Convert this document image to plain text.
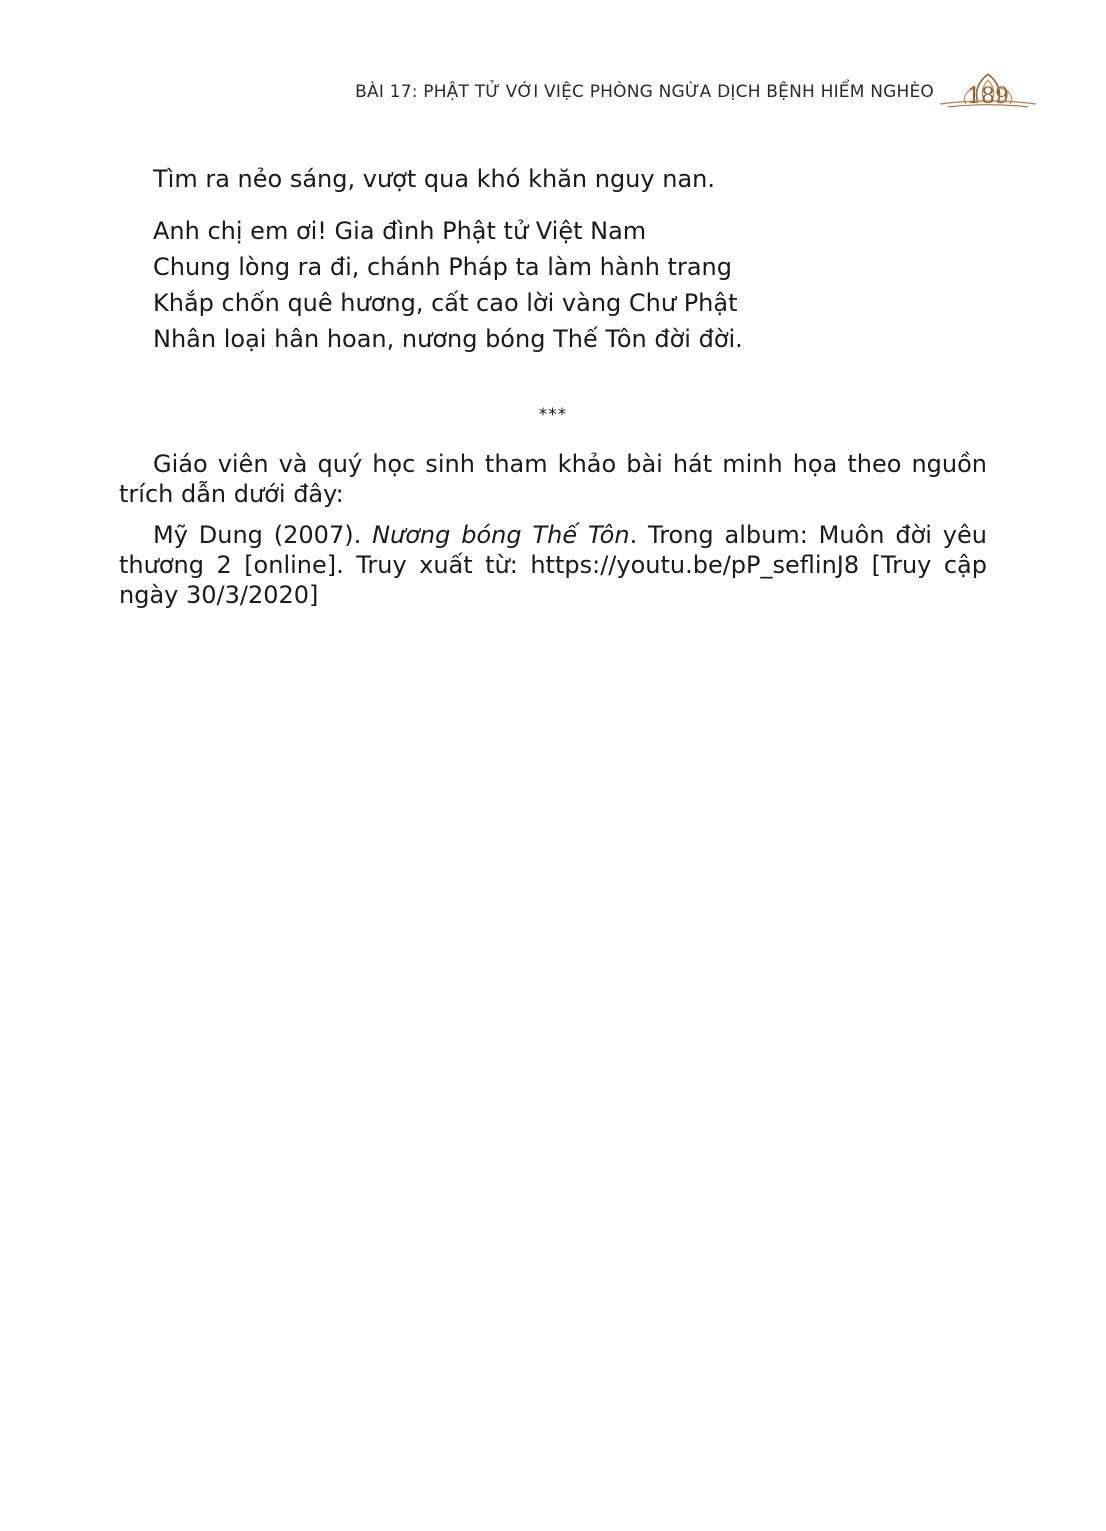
BÀI 17: PHẬT TỬ VỚI VIỆC PHÒNG NGỪA DỊCH BỆNH HIỂM NGHÈO	189
Tìm ra nẻo sáng, vượt qua khó khăn nguy nan.
Anh chị em ơi! Gia đình Phật tử Việt Nam
Chung lòng ra đi, chánh Pháp ta làm hành trang
Khắp chốn quê hương, cất cao lời vàng Chư Phật
Nhân loại hân hoan, nương bóng Thế Tôn đời đời.
***

Giáo viên và quý học sinh tham khảo bài hát minh họa theo nguồn trích dẫn dưới đây:

Mỹ Dung (2007). Nương bóng Thế Tôn. Trong album: Muôn đời yêu thương 2 [online]. Truy xuất từ: https://youtu.be/pP_seflinJ8 [Truy cập ngày 30/3/2020]
